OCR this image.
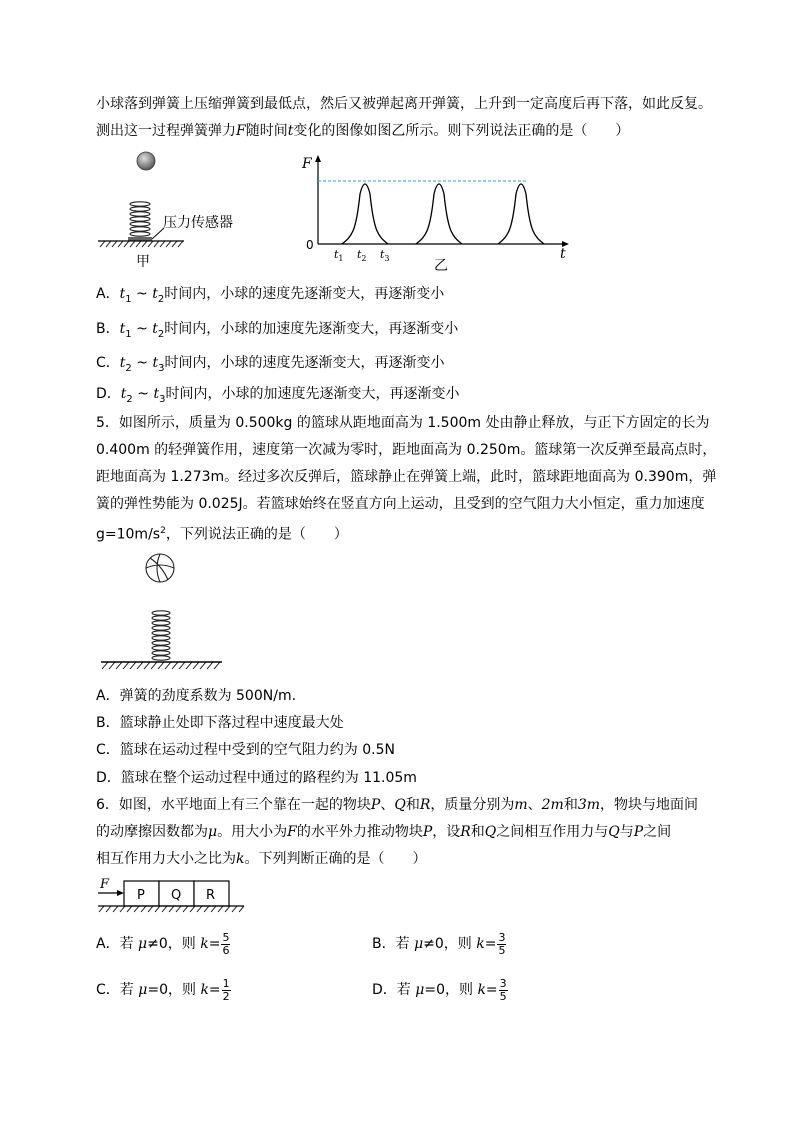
小球落到弹簧上压缩弹簧到最低点，然后又被弹起离开弹簧，上升到一定高度后再下落，如此反复。
测出这一过程弹簧弹力F随时间t变化的图像如图乙所示。则下列说法正确的是（　　）
压力传感器
甲
F
t
0
$t_1$ $t_2$ $t_3$	乙
A．$t_1$ ~ $t_2$时间内，小球的速度先逐渐变大，再逐渐变小
B．$t_1$ ~ $t_2$时间内，小球的加速度先逐渐变大，再逐渐变小
C．$t_2$ ~ $t_3$时间内，小球的速度先逐渐变大，再逐渐变小
D．$t_2$ ~ $t_3$时间内，小球的加速度先逐渐变大，再逐渐变小
5．如图所示，质量为 0.500kg 的篮球从距地面高为 1.500m 处由静止释放，与正下方固定的长为
0.400m 的轻弹簧作用，速度第一次减为零时，距地面高为 0.250m。篮球第一次反弹至最高点时，
距地面高为 1.273m。经过多次反弹后，篮球静止在弹簧上端，此时，篮球距地面高为 0.390m，弹
簧的弹性势能为 0.025J。若篮球始终在竖直方向上运动，且受到的空气阻力大小恒定，重力加速度
$g=10m/s^2$，下列说法正确的是（　　）
A．弹簧的劲度系数为 500N/m.
B．篮球静止处即下落过程中速度最大处
C．篮球在运动过程中受到的空气阻力约为 0.5N
D．篮球在整个运动过程中通过的路程约为 11.05m
6．如图，水平地面上有三个靠在一起的物块P、Q和R，质量分别为m、2m和3m，物块与地面间
的动摩擦因数都为μ。用大小为F的水平外力推动物块P，设R和Q之间相互作用力与Q与P之间
相互作用力大小之比为k。下列判断正确的是（　　）
F
P Q R
A．若 μ≠0，则 $k= \frac{5}{6}$	B．若 μ≠0，则 $k= \frac{3}{5}$
C．若 μ=0，则 $k= \frac{1}{2}$	D．若 μ=0，则 $k= \frac{3}{5}$
